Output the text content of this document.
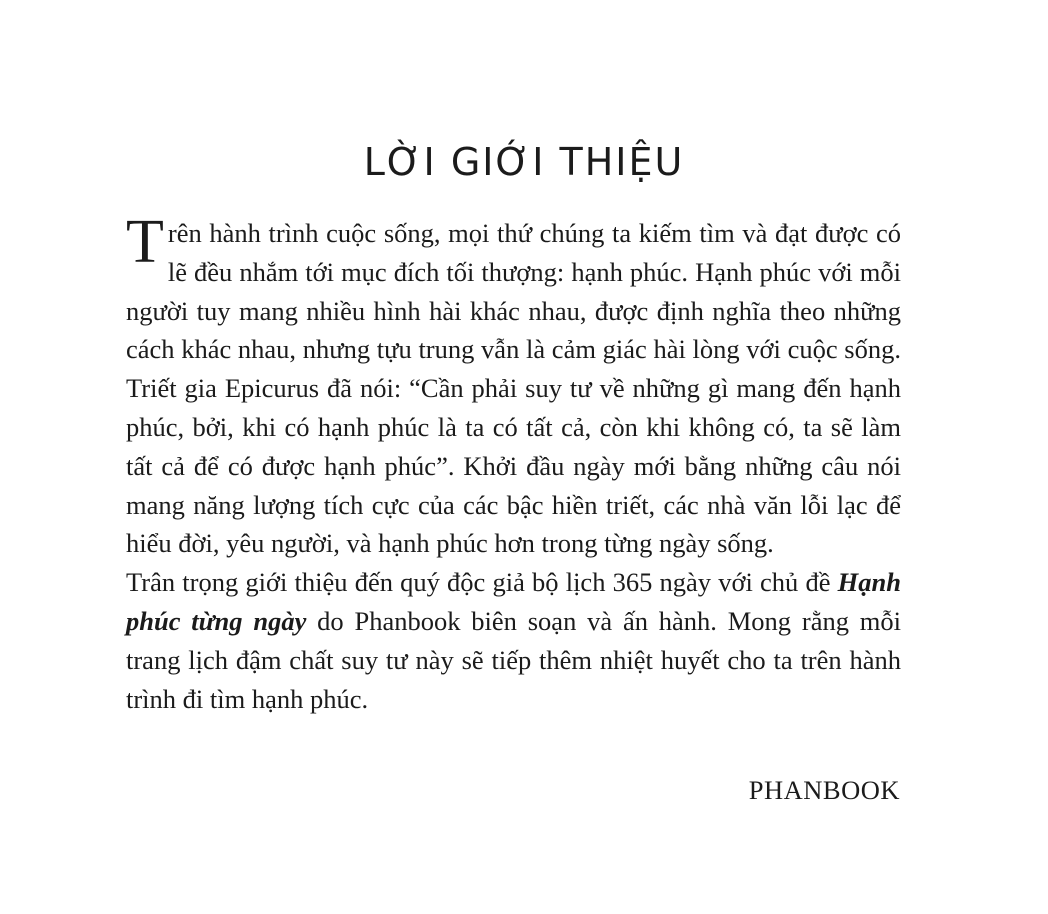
LỜI GIỚI THIỆU

Trên hành trình cuộc sống, mọi thứ chúng ta kiếm tìm và đạt được có lẽ đều nhắm tới mục đích tối thượng: hạnh phúc. Hạnh phúc với mỗi người tuy mang nhiều hình hài khác nhau, được định nghĩa theo những cách khác nhau, nhưng tựu trung vẫn là cảm giác hài lòng với cuộc sống. Triết gia Epicurus đã nói: “Cần phải suy tư về những gì mang đến hạnh phúc, bởi, khi có hạnh phúc là ta có tất cả, còn khi không có, ta sẽ làm tất cả để có được hạnh phúc”. Khởi đầu ngày mới bằng những câu nói mang năng lượng tích cực của các bậc hiền triết, các nhà văn lỗi lạc để hiểu đời, yêu người, và hạnh phúc hơn trong từng ngày sống.

Trân trọng giới thiệu đến quý độc giả bộ lịch 365 ngày với chủ đề Hạnh phúc từng ngày do Phanbook biên soạn và ấn hành. Mong rằng mỗi trang lịch đậm chất suy tư này sẽ tiếp thêm nhiệt huyết cho ta trên hành trình đi tìm hạnh phúc.

PHANBOOK
